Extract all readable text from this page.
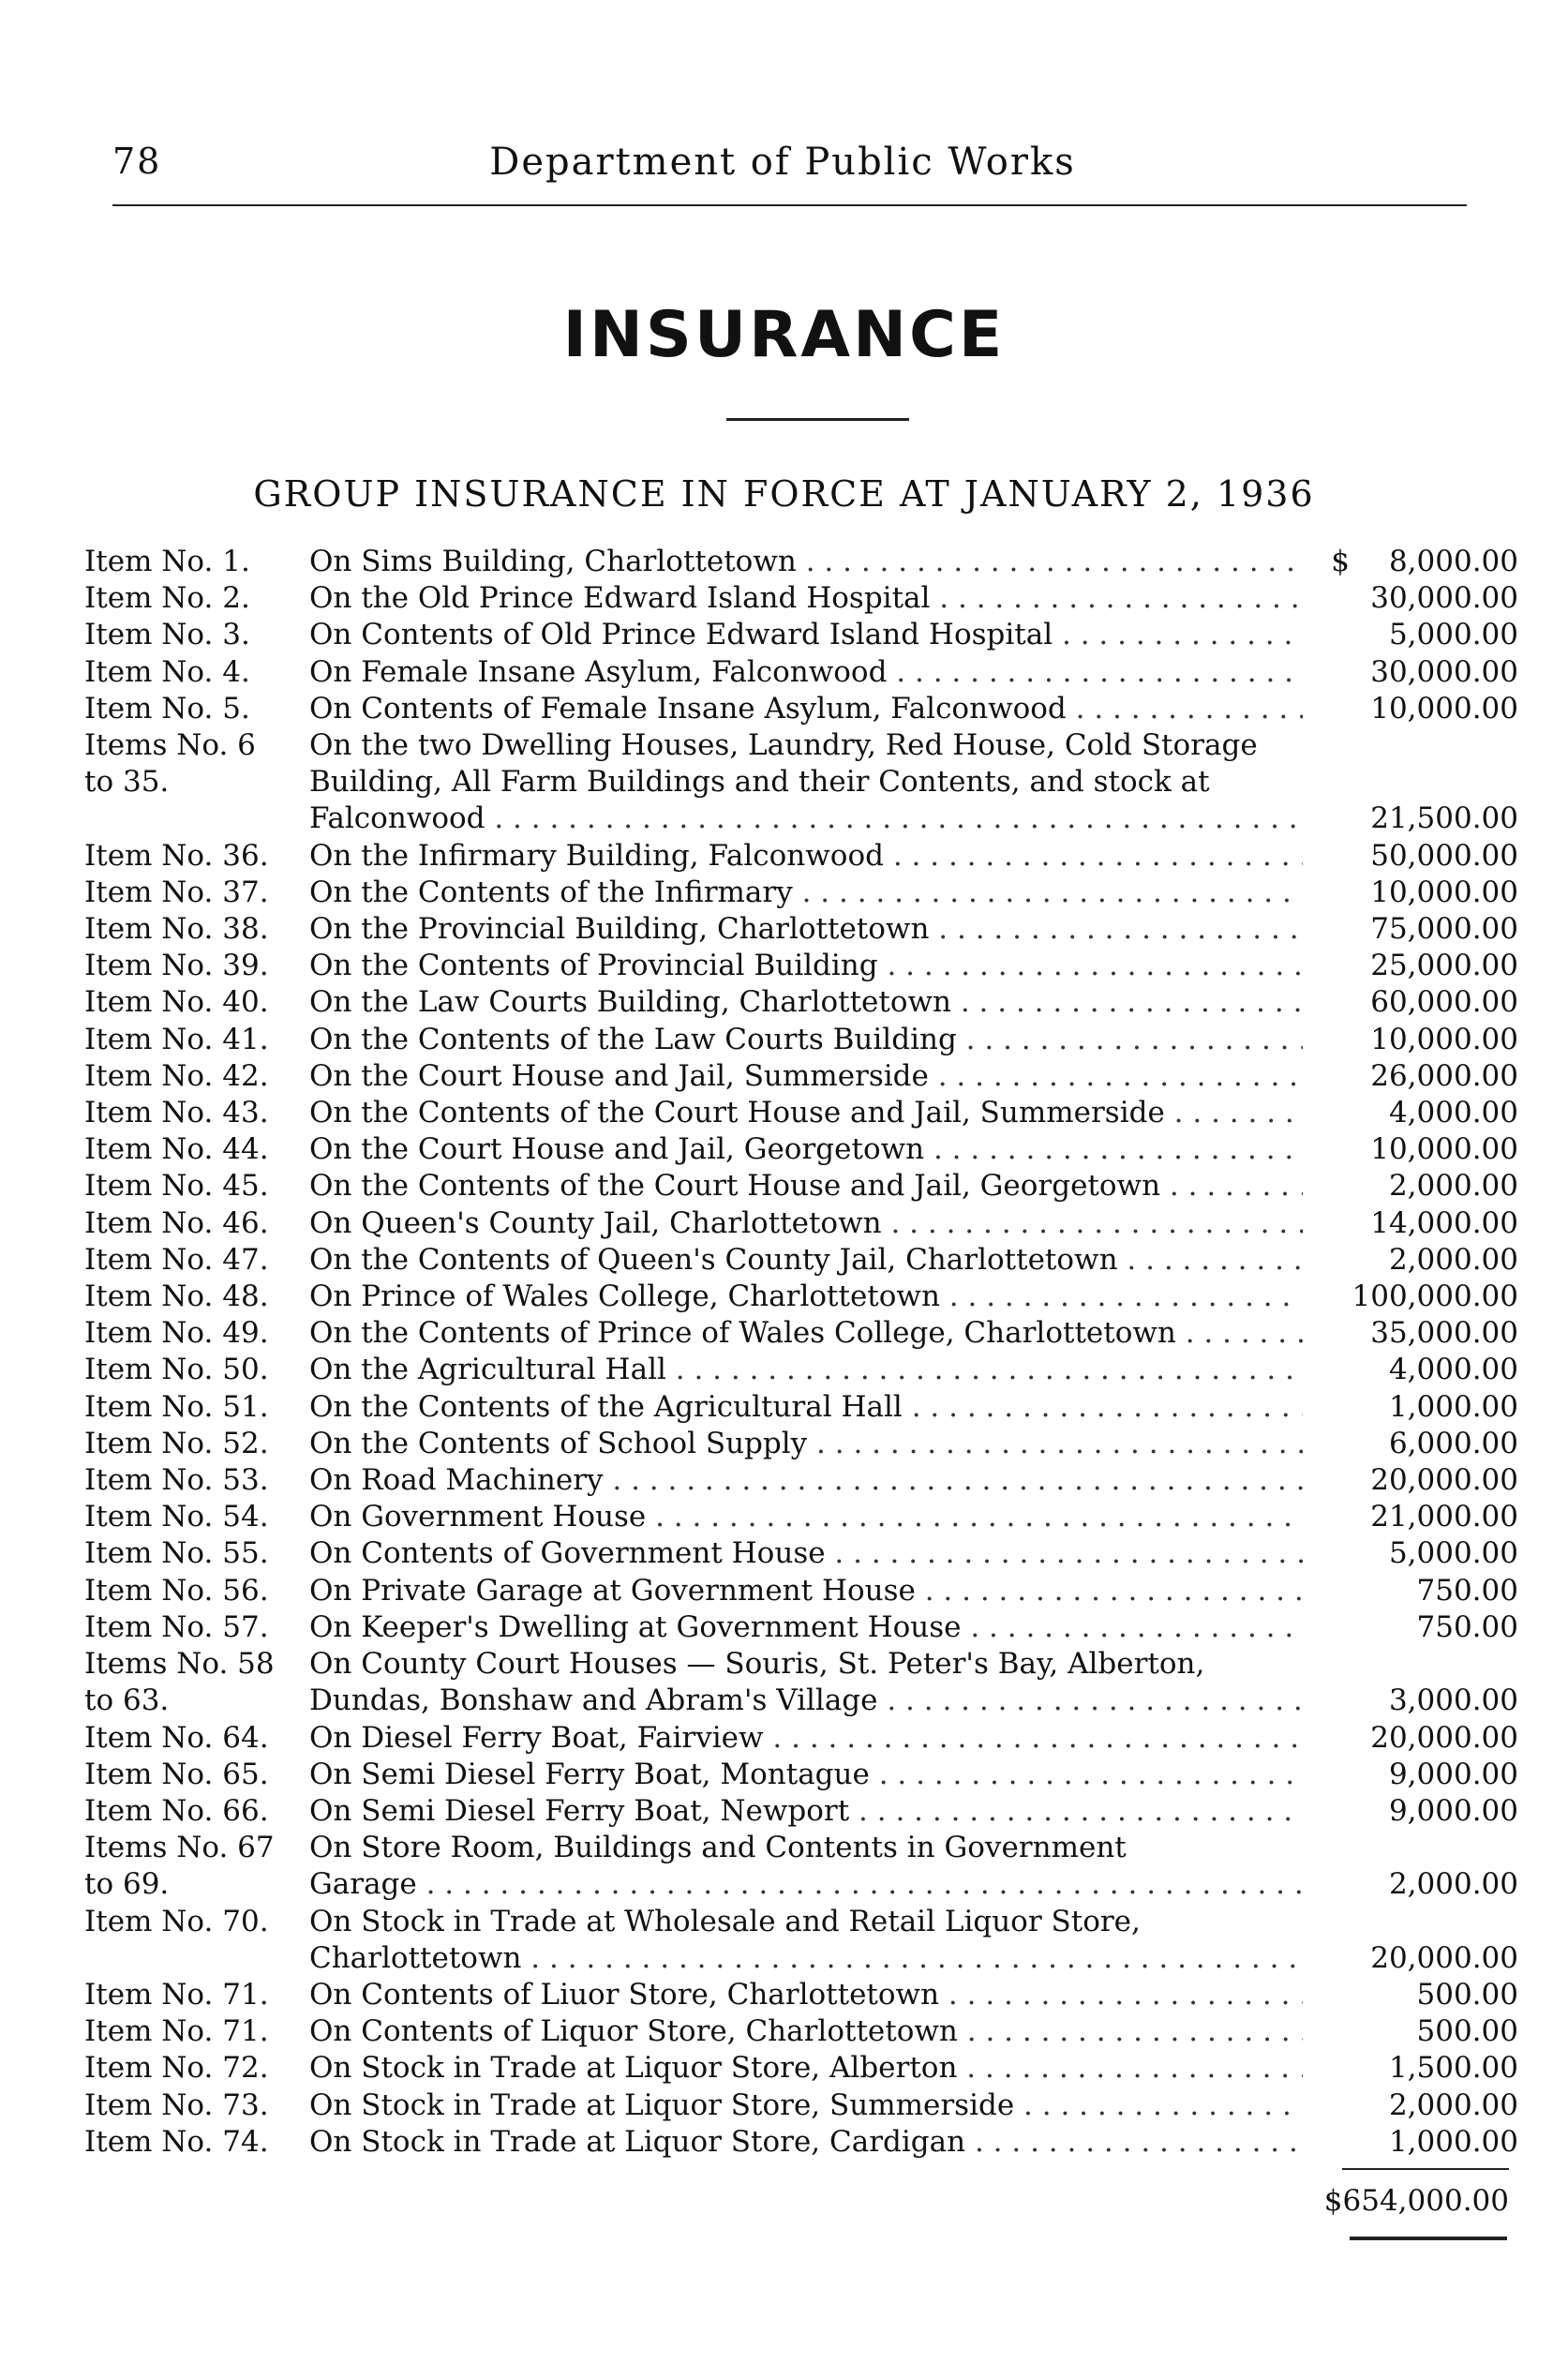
78	Department of Public Works
INSURANCE
GROUP INSURANCE IN FORCE AT JANUARY 2, 1936
Item No. 1.	On Sims Building, Charlottetown . . .	$	8,000.00
Item No. 2.	On the Old Prince Edward Island Hospital . . .	30,000.00
Item No. 3.	On Contents of Old Prince Edward Island Hospital . . .	5,000.00
Item No. 4.	On Female Insane Asylum, Falconwood . . .	30,000.00
Item No. 5.	On Contents of Female Insane Asylum, Falconwood . . .	10,000.00
Items No. 6	On the two Dwelling Houses, Laundry, Red House, Cold Storage
to 35.	Building, All Farm Buildings and their Contents, and stock at
Falconwood . . .	21,500.00
Item No. 36.	On the Infirmary Building, Falconwood . . .	50,000.00
Item No. 37.	On the Contents of the Infirmary . . .	10,000.00
Item No. 38.	On the Provincial Building, Charlottetown . . .	75,000.00
Item No. 39.	On the Contents of Provincial Building . . .	25,000.00
Item No. 40.	On the Law Courts Building, Charlottetown . . .	60,000.00
Item No. 41.	On the Contents of the Law Courts Building . . .	10,000.00
Item No. 42.	On the Court House and Jail, Summerside . . .	26,000.00
Item No. 43.	On the Contents of the Court House and Jail, Summerside . . .	4,000.00
Item No. 44.	On the Court House and Jail, Georgetown . . .	10,000.00
Item No. 45.	On the Contents of the Court House and Jail, Georgetown . . .	2,000.00
Item No. 46.	On Queen's County Jail, Charlottetown . . .	14,000.00
Item No. 47.	On the Contents of Queen's County Jail, Charlottetown . . .	2,000.00
Item No. 48.	On Prince of Wales College, Charlottetown . . .	100,000.00
Item No. 49.	On the Contents of Prince of Wales College, Charlottetown . . .	35,000.00
Item No. 50.	On the Agricultural Hall . . .	4,000.00
Item No. 51.	On the Contents of the Agricultural Hall . . .	1,000.00
Item No. 52.	On the Contents of School Supply . . .	6,000.00
Item No. 53.	On Road Machinery . . .	20,000.00
Item No. 54.	On Government House . . .	21,000.00
Item No. 55.	On Contents of Government House . . .	5,000.00
Item No. 56.	On Private Garage at Government House . . .	750.00
Item No. 57.	On Keeper's Dwelling at Government House . . .	750.00
Items No. 58	On County Court Houses — Souris, St. Peter's Bay, Alberton,
to 63.	Dundas, Bonshaw and Abram's Village . . .	3,000.00
Item No. 64.	On Diesel Ferry Boat, Fairview . . .	20,000.00
Item No. 65.	On Semi Diesel Ferry Boat, Montague . . .	9,000.00
Item No. 66.	On Semi Diesel Ferry Boat, Newport . . .	9,000.00
Items No. 67	On Store Room, Buildings and Contents in Government
to 69.	Garage . . .	2,000.00
Item No. 70.	On Stock in Trade at Wholesale and Retail Liquor Store,
Charlottetown . . .	20,000.00
Item No. 71.	On Contents of Liuor Store, Charlottetown . . .	500.00
Item No. 71.	On Contents of Liquor Store, Charlottetown . . .	500.00
Item No. 72.	On Stock in Trade at Liquor Store, Alberton . . .	1,500.00
Item No. 73.	On Stock in Trade at Liquor Store, Summerside . . .	2,000.00
Item No. 74.	On Stock in Trade at Liquor Store, Cardigan . . .	1,000.00
$654,000.00
